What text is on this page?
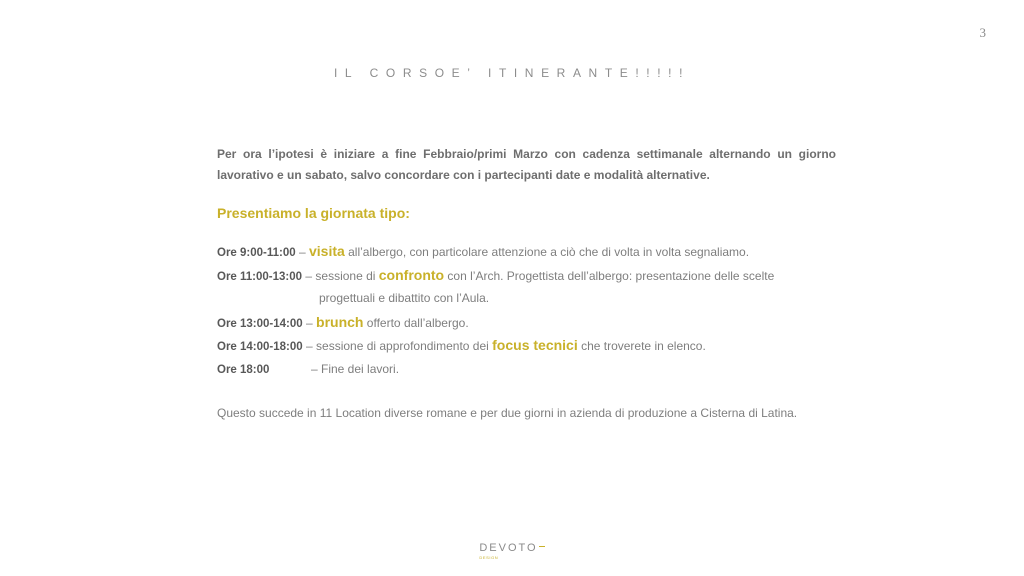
3
IL CORSOE’ ITINERANTE!!!!!

Per ora l’ipotesi è iniziare a fine Febbraio/primi Marzo con cadenza settimanale alternando un giorno lavorativo e un sabato, salvo concordare con i partecipanti date e modalità alternative.

Presentiamo la giornata tipo:
Ore 9:00-11:00 – visita all’albergo, con particolare attenzione a ciò che di volta in volta segnaliamo.
Ore 11:00-13:00 – sessione di confronto con l’Arch. Progettista dell’albergo: presentazione delle scelte
progettuali e dibattito con l’Aula.
Ore 13:00-14:00 – brunch offerto dall’albergo.
Ore 14:00-18:00 – sessione di approfondimento dei focus tecnici che troverete in elenco.
Ore 18:00	– Fine dei lavori.

Questo succede in 11 Location diverse romane e per due giorni in azienda di produzione a Cisterna di Latina.

DEVOTO
DESIGN
